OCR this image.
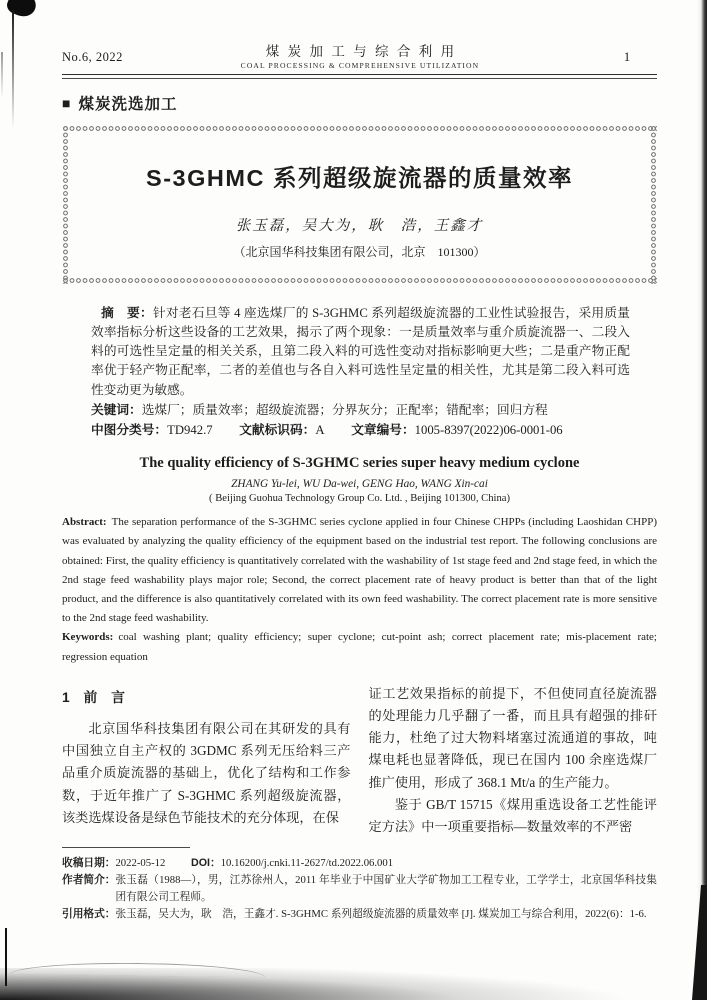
No.6, 2022	煤炭加工与综合利用
COAL PROCESSING & COMPREHENSIVE UTILIZATION
1
■ 煤炭洗选加工
S-3GHMC 系列超级旋流器的质量效率
张玉磊，吴大为，耿　浩，王鑫才
（北京国华科技集团有限公司，北京　101300）

摘　要：针对老石旦等 4 座选煤厂的 S-3GHMC 系列超级旋流器的工业性试验报告，采用质量效率指标分析这些设备的工艺效果，揭示了两个现象：一是质量效率与重介质旋流器一、二段入料的可选性呈定量的相关关系，且第二段入料的可选性变动对指标影响更大些；二是重产物正配率优于轻产物正配率，二者的差值也与各自入料可选性呈定量的相关性，尤其是第二段入料可选性变动更为敏感。

关键词：选煤厂；质量效率；超级旋流器；分界灰分；正配率；错配率；回归方程

中图分类号：TD942.7 文献标识码：A 文章编号：1005-8397(2022)06-0001-06

The quality efficiency of S-3GHMC series super heavy medium cyclone
ZHANG Yu-lei, WU Da-wei, GENG Hao, WANG Xin-cai
( Beijing Guohua Technology Group Co. Ltd. , Beijing 101300, China)

Abstract: The separation performance of the S-3GHMC series cyclone applied in four Chinese CHPPs (including Laoshidan CHPP) was evaluated by analyzing the quality efficiency of the equipment based on the industrial test report. The following conclusions are obtained: First, the quality efficiency is quantitatively correlated with the washability of 1st stage feed and 2nd stage feed, in which the 2nd stage feed washability plays major role; Second, the correct placement rate of heavy product is better than that of the light product, and the difference is also quantitatively correlated with its own feed washability. The correct placement rate is more sensitive to the 2nd stage feed washability.

Keywords: coal washing plant; quality efficiency; super cyclone; cut-point ash; correct placement rate; mis-placement rate; regression equation

1　前　言

北京国华科技集团有限公司在其研发的具有中国独立自主产权的 3GDMC 系列无压给料三产品重介质旋流器的基础上，优化了结构和工作参数，于近年推广了 S-3GHMC 系列超级旋流器，该类选煤设备是绿色节能技术的充分体现，在保

证工艺效果指标的前提下，不但使同直径旋流器的处理能力几乎翻了一番，而且具有超强的排矸能力，杜绝了过大物料堵塞过流通道的事故，吨煤电耗也显著降低，现已在国内 100 余座选煤厂推广使用，形成了 368.1 Mt/a 的生产能力。

鉴于 GB/T 15715《煤用重选设备工艺性能评定方法》中一项重要指标—数量效率的不严密

收稿日期： 2022-05-12 DOI： 10.16200/j.cnki.11-2627/td.2022.06.001

作者简介： 张玉磊（1988—），男，江苏徐州人，2011 年毕业于中国矿业大学矿物加工工程专业，工学学士，北京国华科技集团有限公司工程师。

引用格式： 张玉磊，吴大为，耿　浩，王鑫才. S-3GHMC 系列超级旋流器的质量效率 [J]. 煤炭加工与综合利用，2022(6)：1-6.
